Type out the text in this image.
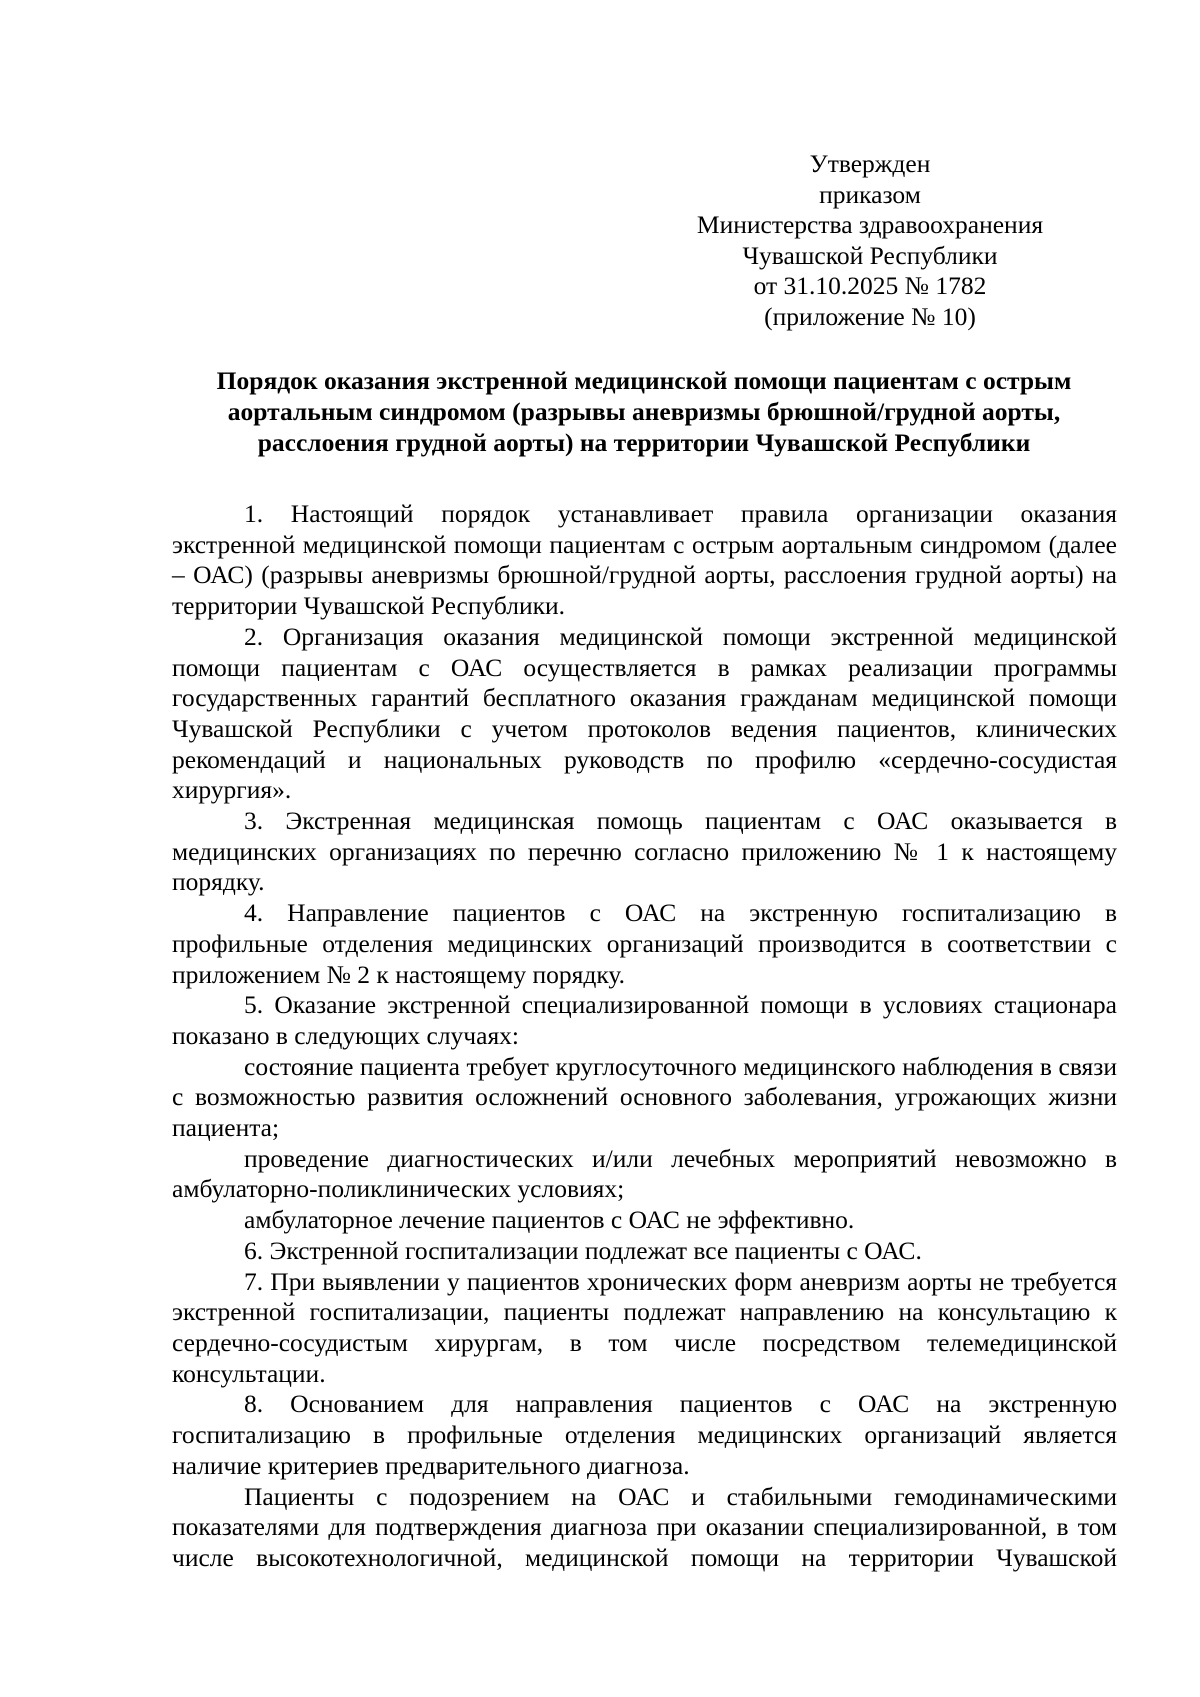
Утвержден
приказом
Министерства здравоохранения
Чувашской Республики
от 31.10.2025 № 1782
(приложение № 10)
Порядок оказания экстренной медицинской помощи пациентам с острым
аортальным синдромом (разрывы аневризмы брюшной/грудной аорты,
расслоения грудной аорты) на территории Чувашской Республики

1. Настоящий порядок устанавливает правила организации оказания экстренной медицинской помощи пациентам с острым аортальным синдромом (далее – ОАС) (разрывы аневризмы брюшной/грудной аорты, расслоения грудной аорты) на территории Чувашской Республики.

2. Организация оказания медицинской помощи экстренной медицинской помощи пациентам с ОАС осуществляется в рамках реализации программы государственных гарантий бесплатного оказания гражданам медицинской помощи Чувашской Республики с учетом протоколов ведения пациентов, клинических рекомендаций и национальных руководств по профилю «сердечно-сосудистая хирургия».

3. Экстренная медицинская помощь пациентам с ОАС оказывается в медицинских организациях по перечню согласно приложению № 1 к настоящему порядку.

4. Направление пациентов с ОАС на экстренную госпитализацию в профильные отделения медицинских организаций производится в соответствии с приложением № 2 к настоящему порядку.

5. Оказание экстренной специализированной помощи в условиях стационара показано в следующих случаях:

состояние пациента требует круглосуточного медицинского наблюдения в связи с возможностью развития осложнений основного заболевания, угрожающих жизни пациента;

проведение диагностических и/или лечебных мероприятий невозможно в амбулаторно-поликлинических условиях;

амбулаторное лечение пациентов с ОАС не эффективно.

6. Экстренной госпитализации подлежат все пациенты с ОАС.

7. При выявлении у пациентов хронических форм аневризм аорты не требуется экстренной госпитализации, пациенты подлежат направлению на консультацию к сердечно-сосудистым хирургам, в том числе посредством телемедицинской консультации.

8. Основанием для направления пациентов с ОАС на экстренную госпитализацию в профильные отделения медицинских организаций является наличие критериев предварительного диагноза.

Пациенты с подозрением на ОАС и стабильными гемодинамическими показателями для подтверждения диагноза при оказании специализированной, в том числе высокотехнологичной, медицинской помощи на территории Чувашской
